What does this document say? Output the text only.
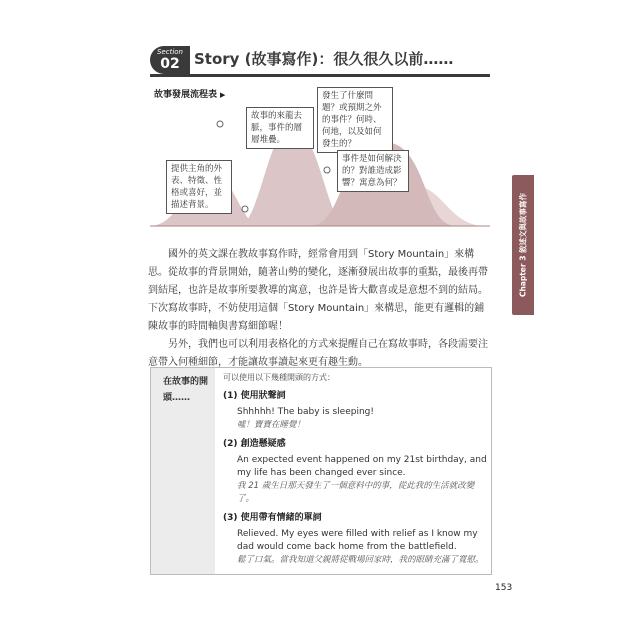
Section
02 Story (故事寫作)：很久很久以前……
故事發展流程表 ▶
故事的來龍去脈，事件的層層堆疊。
發生了什麼問題？或預期之外的事件？何時、何地，以及如何發生的？
提供主角的外表、特徵、性格或喜好，並描述背景。
事件是如何解決的？對誰造成影響？寓意為何？
Chapter 3 敘述文與故事寫作

國外的英文課在教故事寫作時，經常會用到「Story Mountain」來構思。 從故事的背景開始，隨著山勢的變化，逐漸發展出故事的重點，最後再帶到結尾，也許是故事所要教導的寓意，也許是皆大歡喜或是意想不到的結局。下次寫故事時，不妨使用這個「Story Mountain」來構思，能更有邏輯的鋪陳故事的時間軸與書寫細節喔！

另外，我們也可以利用表格化的方式來提醒自己在寫故事時，各段需要注意帶入何種細節，才能讓故事讀起來更有趣生動。

在故事的開頭……
可以使用以下幾種開頭的方式：
(1) 使用狀聲詞
Shhhhh! The baby is sleeping!
噓！寶寶在睡覺！
(2) 創造懸疑感
An expected event happened on my 21st birthday, and my life has been changed ever since.
我 21 歲生日那天發生了一個意料中的事，從此我的生活就改變了。
(3) 使用帶有情緒的單詞
Relieved. My eyes were filled with relief as I know my dad would come back home from the battlefield.
鬆了口氣。當我知道父親將從戰場回家時，我的眼睛充滿了寬慰。
153
